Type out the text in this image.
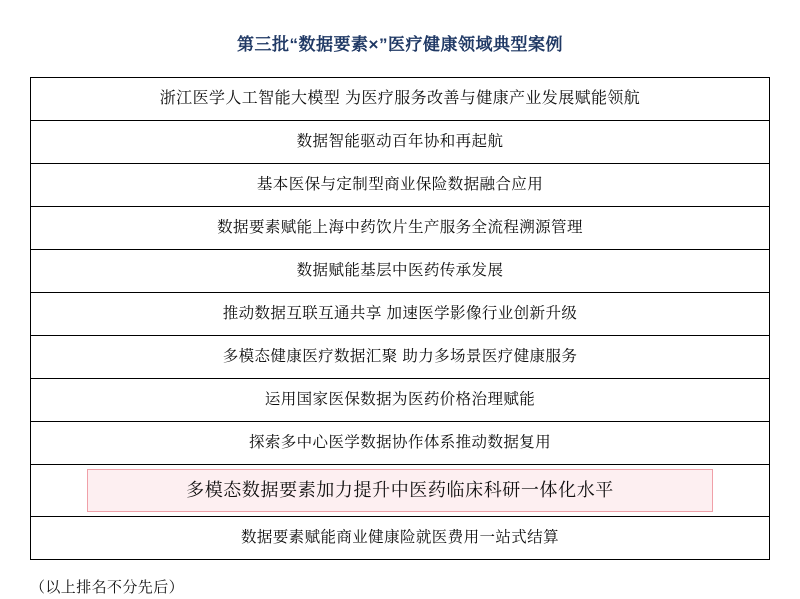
第三批“数据要素×”医疗健康领域典型案例
浙江医学人工智能大模型 为医疗服务改善与健康产业发展赋能领航
数据智能驱动百年协和再起航
基本医保与定制型商业保险数据融合应用
数据要素赋能上海中药饮片生产服务全流程溯源管理
数据赋能基层中医药传承发展
推动数据互联互通共享 加速医学影像行业创新升级
多模态健康医疗数据汇聚 助力多场景医疗健康服务
运用国家医保数据为医药价格治理赋能
探索多中心医学数据协作体系推动数据复用
多模态数据要素加力提升中医药临床科研一体化水平
数据要素赋能商业健康险就医费用一站式结算
（以上排名不分先后）
